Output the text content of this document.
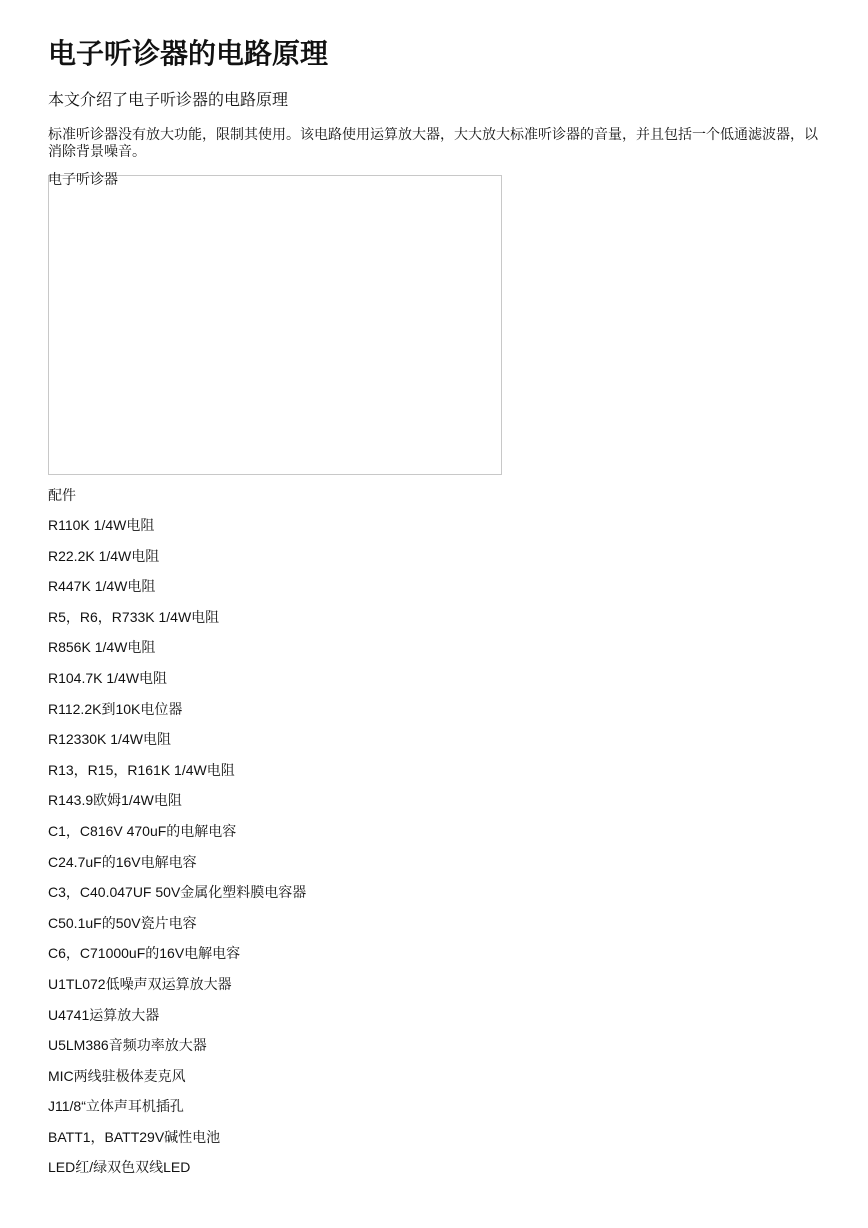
电子听诊器的电路原理
本文介绍了电子听诊器的电路原理
标准听诊器没有放大功能，限制其使用。该电路使用运算放大器，大大放大标准听诊器的音量，并且包括一个低通滤波器，以消除背景噪音。
电子听诊器
配件
R110K 1/4W电阻
R22.2K 1/4W电阻
R447K 1/4W电阻
R5，R6，R733K 1/4W电阻
R856K 1/4W电阻
R104.7K 1/4W电阻
R112.2K到10K电位器
R12330K 1/4W电阻
R13，R15，R161K 1/4W电阻
R143.9欧姆1/4W电阻
C1，C816V 470uF的电解电容
C24.7uF的16V电解电容
C3，C40.047UF 50V金属化塑料膜电容器
C50.1uF的50V瓷片电容
C6，C71000uF的16V电解电容
U1TL072低噪声双运算放大器
U4741运算放大器
U5LM386音频功率放大器
MIC两线驻极体麦克风
J11/8“立体声耳机插孔
BATT1，BATT29V碱性电池
LED红/绿双色双线LED
